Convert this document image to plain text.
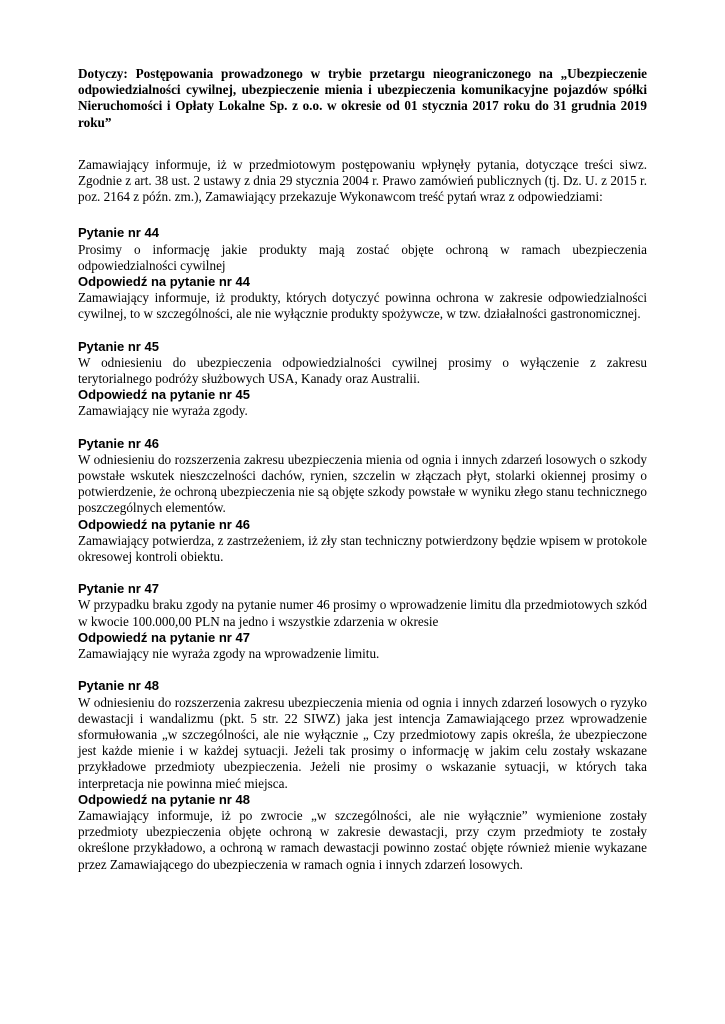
Dotyczy: Postępowania prowadzonego w trybie przetargu nieograniczonego na „Ubezpieczenie odpowiedzialności cywilnej, ubezpieczenie mienia i ubezpieczenia komunikacyjne pojazdów spółki Nieruchomości i Opłaty Lokalne Sp. z o.o. w okresie od 01 stycznia 2017 roku do 31 grudnia 2019 roku”

Zamawiający informuje, iż w przedmiotowym postępowaniu wpłynęły pytania, dotyczące treści siwz. Zgodnie z art. 38 ust. 2 ustawy z dnia 29 stycznia 2004 r. Prawo zamówień publicznych (tj. Dz. U. z 2015 r. poz. 2164 z późn. zm.), Zamawiający przekazuje Wykonawcom treść pytań wraz z odpowiedziami:

Pytanie nr 44

Prosimy o informację jakie produkty mają zostać objęte ochroną w ramach ubezpieczenia odpowiedzialności cywilnej

Odpowiedź na pytanie nr 44

Zamawiający informuje, iż produkty, których dotyczyć powinna ochrona w zakresie odpowiedzialności cywilnej, to w szczególności, ale nie wyłącznie produkty spożywcze, w tzw. działalności gastronomicznej.

Pytanie nr 45

W odniesieniu do ubezpieczenia odpowiedzialności cywilnej prosimy o wyłączenie z zakresu terytorialnego podróży służbowych USA, Kanady oraz Australii.

Odpowiedź na pytanie nr 45

Zamawiający nie wyraża zgody.

Pytanie nr 46

W odniesieniu do rozszerzenia zakresu ubezpieczenia mienia od ognia i innych zdarzeń losowych o szkody powstałe wskutek nieszczelności dachów, rynien, szczelin w złączach płyt, stolarki okiennej prosimy o potwierdzenie, że ochroną ubezpieczenia nie są objęte szkody powstałe w wyniku złego stanu technicznego poszczególnych elementów.

Odpowiedź na pytanie nr 46

Zamawiający potwierdza, z zastrzeżeniem, iż zły stan techniczny potwierdzony będzie wpisem w protokole okresowej kontroli obiektu.

Pytanie nr 47

W przypadku braku zgody na pytanie numer 46 prosimy o wprowadzenie limitu dla przedmiotowych szkód w kwocie 100.000,00 PLN na jedno i wszystkie zdarzenia w okresie

Odpowiedź na pytanie nr 47

Zamawiający nie wyraża zgody na wprowadzenie limitu.

Pytanie nr 48

W odniesieniu do rozszerzenia zakresu ubezpieczenia mienia od ognia i innych zdarzeń losowych o ryzyko dewastacji i wandalizmu (pkt. 5 str. 22 SIWZ) jaka jest intencja Zamawiającego przez wprowadzenie sformułowania „w szczególności, ale nie wyłącznie „ Czy przedmiotowy zapis określa, że ubezpieczone jest każde mienie i w każdej sytuacji. Jeżeli tak prosimy o informację w jakim celu zostały wskazane przykładowe przedmioty ubezpieczenia. Jeżeli nie prosimy o wskazanie sytuacji, w których taka interpretacja nie powinna mieć miejsca.

Odpowiedź na pytanie nr 48

Zamawiający informuje, iż po zwrocie „w szczególności, ale nie wyłącznie” wymienione zostały przedmioty ubezpieczenia objęte ochroną w zakresie dewastacji, przy czym przedmioty te zostały określone przykładowo, a ochroną w ramach dewastacji powinno zostać objęte również mienie wykazane przez Zamawiającego do ubezpieczenia w ramach ognia i innych zdarzeń losowych.
